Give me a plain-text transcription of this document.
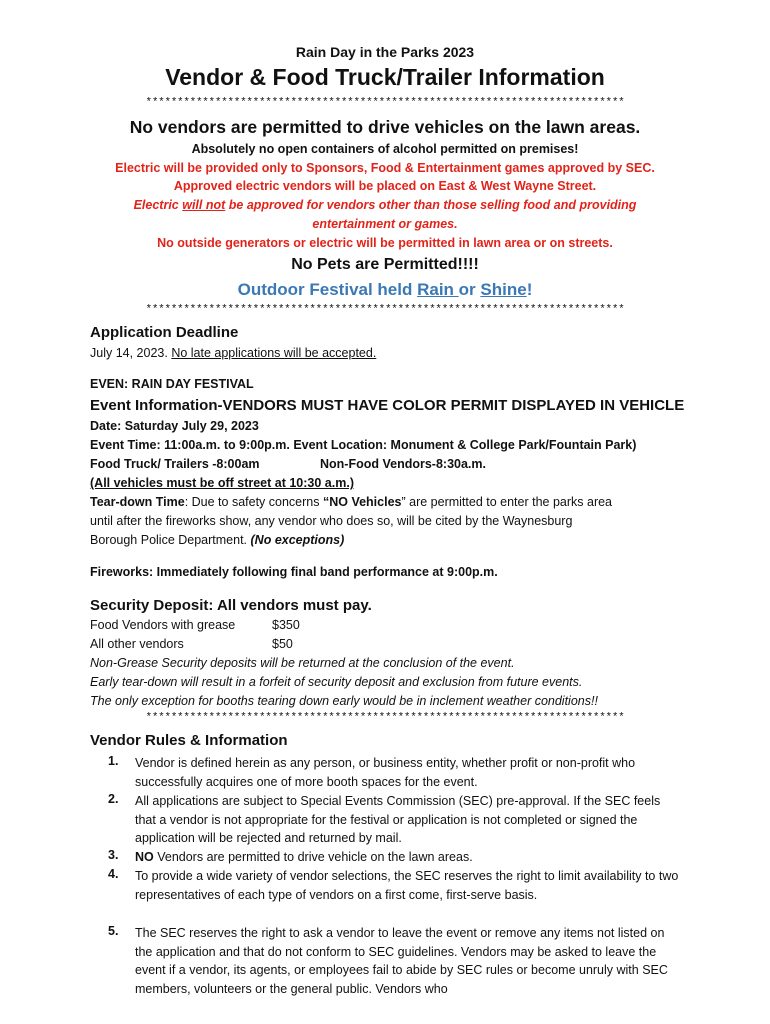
Rain Day in the Parks 2023
Vendor & Food Truck/Trailer Information
****************************************************************************
No vendors are permitted to drive vehicles on the lawn areas.
Absolutely no open containers of alcohol permitted on premises!
Electric will be provided only to Sponsors, Food & Entertainment games approved by SEC.
Approved electric vendors will be placed on East & West Wayne Street.
Electric will not be approved for vendors other than those selling food and providing
entertainment or games.
No outside generators or electric will be permitted in lawn area or on streets.
No Pets are Permitted!!!!
Outdoor Festival held Rain or Shine!
****************************************************************************
Application Deadline
July 14, 2023. No late applications will be accepted.
EVEN: RAIN DAY FESTIVAL
Event Information-VENDORS MUST HAVE COLOR PERMIT DISPLAYED IN VEHICLE
Date: Saturday July 29, 2023
Event Time: 11:00a.m. to 9:00p.m. Event Location: Monument & College Park/Fountain Park)
Food Truck/ Trailers -8:00am	Non-Food Vendors-8:30a.m.
(All vehicles must be off street at 10:30 a.m.)
Tear-down Time: Due to safety concerns “NO Vehicles” are permitted to enter the parks area
until after the fireworks show, any vendor who does so, will be cited by the Waynesburg
Borough Police Department. (No exceptions)
Fireworks: Immediately following final band performance at 9:00p.m.
Security Deposit: All vendors must pay.
Food Vendors with grease	$350
All other vendors	$50
Non-Grease Security deposits will be returned at the conclusion of the event.
Early tear-down will result in a forfeit of security deposit and exclusion from future events.
The only exception for booths tearing down early would be in inclement weather conditions!!
****************************************************************************
Vendor Rules & Information
1. Vendor is defined herein as any person, or business entity, whether profit or non-profit who successfully acquires one of more booth spaces for the event.
2. All applications are subject to Special Events Commission (SEC) pre-approval. If the SEC feels that a vendor is not appropriate for the festival or application is not completed or signed the application will be rejected and returned by mail.
3. NO Vendors are permitted to drive vehicle on the lawn areas.
4. To provide a wide variety of vendor selections, the SEC reserves the right to limit availability to two representatives of each type of vendors on a first come, first-serve basis.
5. The SEC reserves the right to ask a vendor to leave the event or remove any items not listed on the application and that do not conform to SEC guidelines. Vendors may be asked to leave the event if a vendor, its agents, or employees fail to abide by SEC rules or become unruly with SEC members, volunteers or the general public. Vendors who
